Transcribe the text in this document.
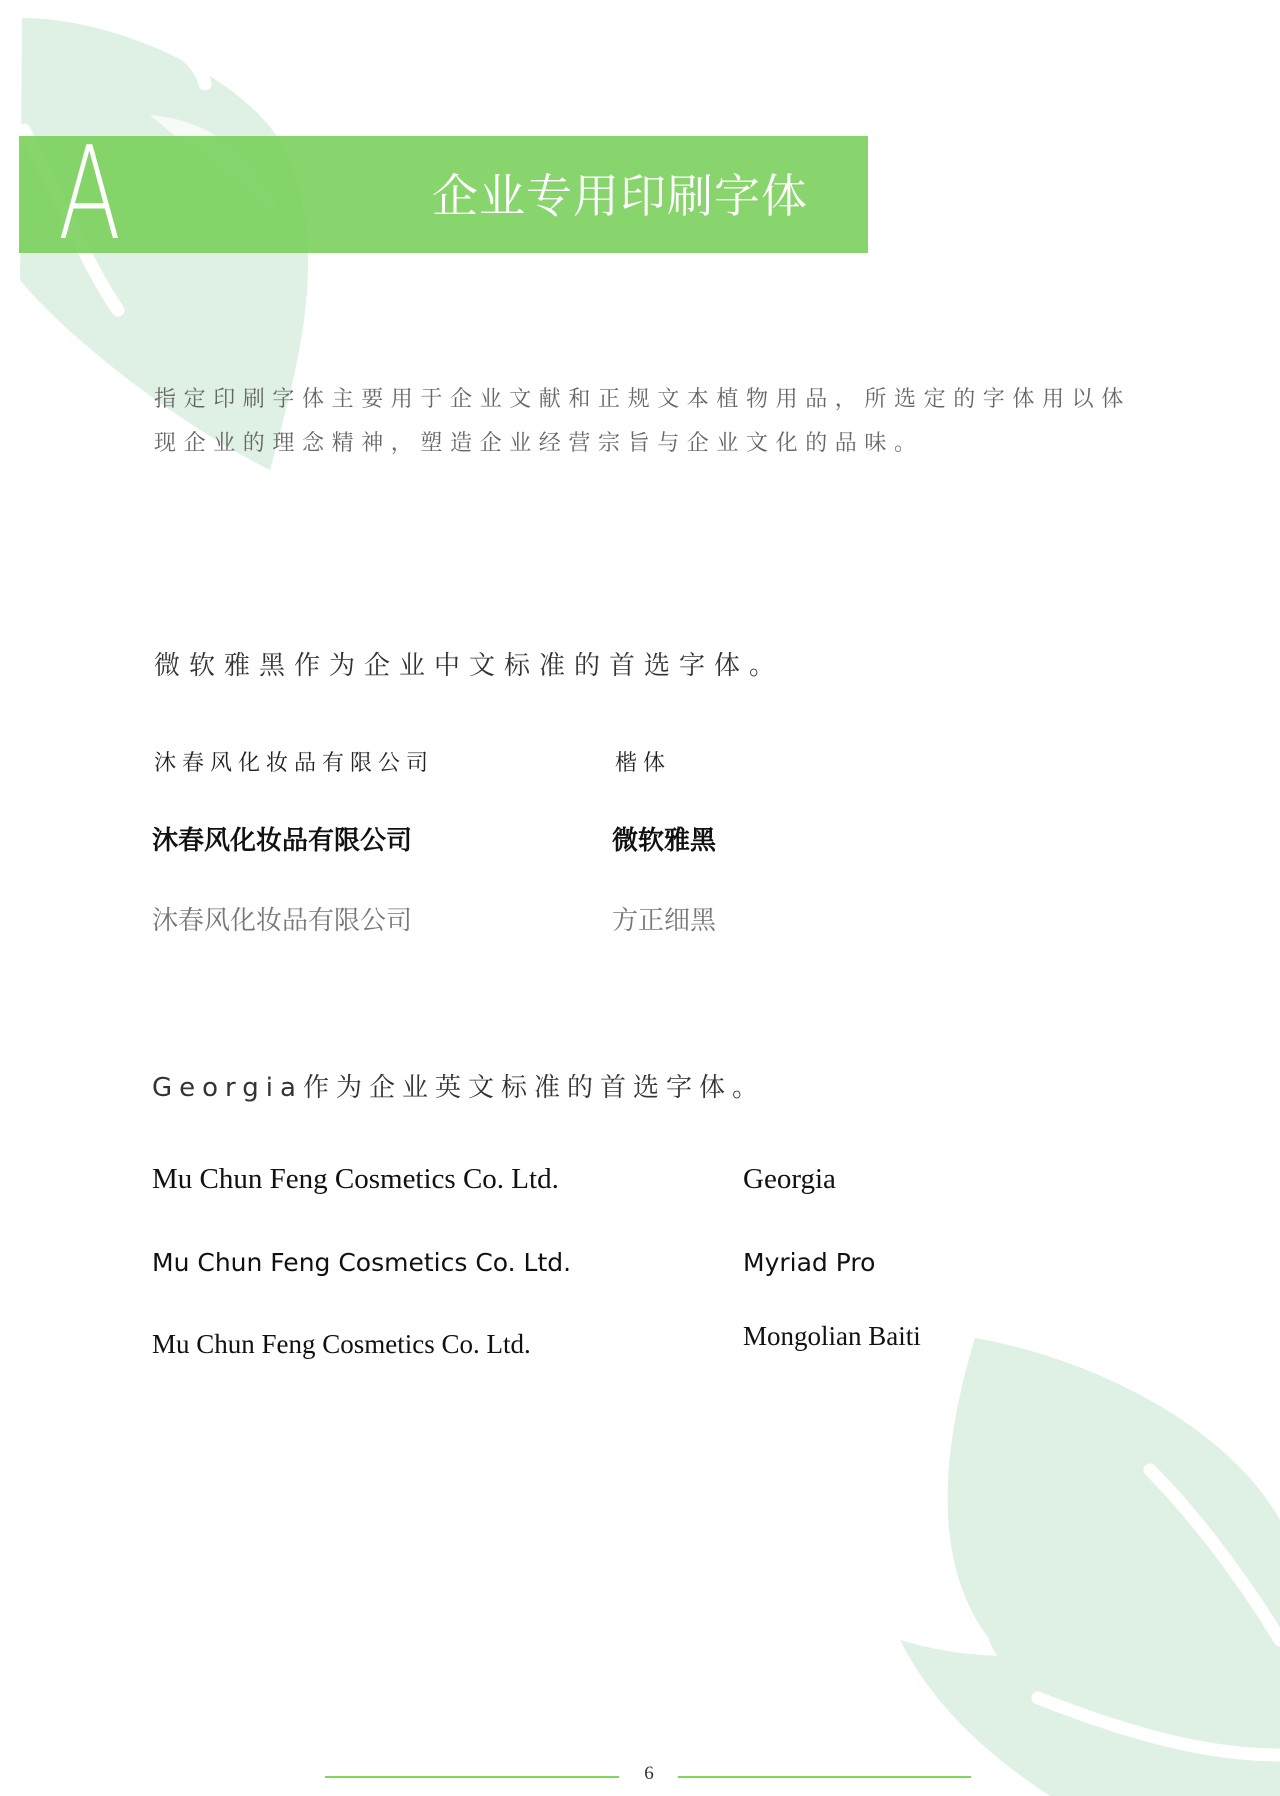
A	企业专用印刷字体
指定印刷字体主要用于企业文献和正规文本植物用品，所选定的字体用以体现企业的理念精神，塑造企业经营宗旨与企业文化的品味。
微软雅黑作为企业中文标准的首选字体。
沐春风化妆品有限公司	楷体
沐春风化妆品有限公司	微软雅黑
沐春风化妆品有限公司	方正细黑
Georgia作为企业英文标准的首选字体。
Mu Chun Feng Cosmetics Co. Ltd.	Georgia
Mu Chun Feng Cosmetics Co. Ltd.	Myriad Pro
Mu Chun Feng Cosmetics Co. Ltd.	Mongolian Baiti
6
